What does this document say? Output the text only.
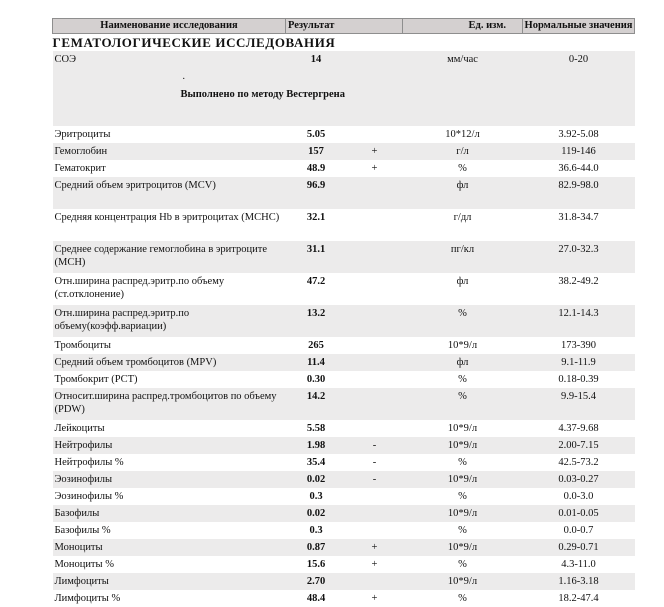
Наименование исследования	Результат		Ед. изм.	Нормальные значения
ГЕМАТОЛОГИЧЕСКИЕ ИССЛЕДОВАНИЯ				
СОЭ	14		мм/час	0-20

.
Выполнено по методу Вестергрена				

Эритроциты	5.05		10*12/л	3.92-5.08
Гемоглобин	157	+	г/л	119-146
Гематокрит	48.9	+	%	36.6-44.0
Средний объем эритроцитов (MCV)	96.9		фл	82.9-98.0
Средняя концентрация Hb в эритроцитах (MCHC)	32.1		г/дл	31.8-34.7
Среднее содержание гемоглобина в эритроците (MCH)	31.1		пг/кл	27.0-32.3
Отн.ширина распред.эритр.по объему (ст.отклонение)	47.2		фл	38.2-49.2
Отн.ширина распред.эритр.по объему(коэфф.вариации)	13.2		%	12.1-14.3
Тромбоциты	265		10*9/л	173-390
Средний объем тромбоцитов (MPV)	11.4		фл	9.1-11.9
Тромбокрит (PCT)	0.30		%	0.18-0.39
Относит.ширина распред.тромбоцитов по объему (PDW)	14.2		%	9.9-15.4
Лейкоциты	5.58		10*9/л	4.37-9.68
Нейтрофилы	1.98	-	10*9/л	2.00-7.15
Нейтрофилы %	35.4	-	%	42.5-73.2
Эозинофилы	0.02	-	10*9/л	0.03-0.27
Эозинофилы %	0.3		%	0.0-3.0
Базофилы	0.02		10*9/л	0.01-0.05
Базофилы %	0.3		%	0.0-0.7
Моноциты	0.87	+	10*9/л	0.29-0.71
Моноциты %	15.6	+	%	4.3-11.0
Лимфоциты	2.70		10*9/л	1.16-3.18
Лимфоциты %	48.4	+	%	18.2-47.4
